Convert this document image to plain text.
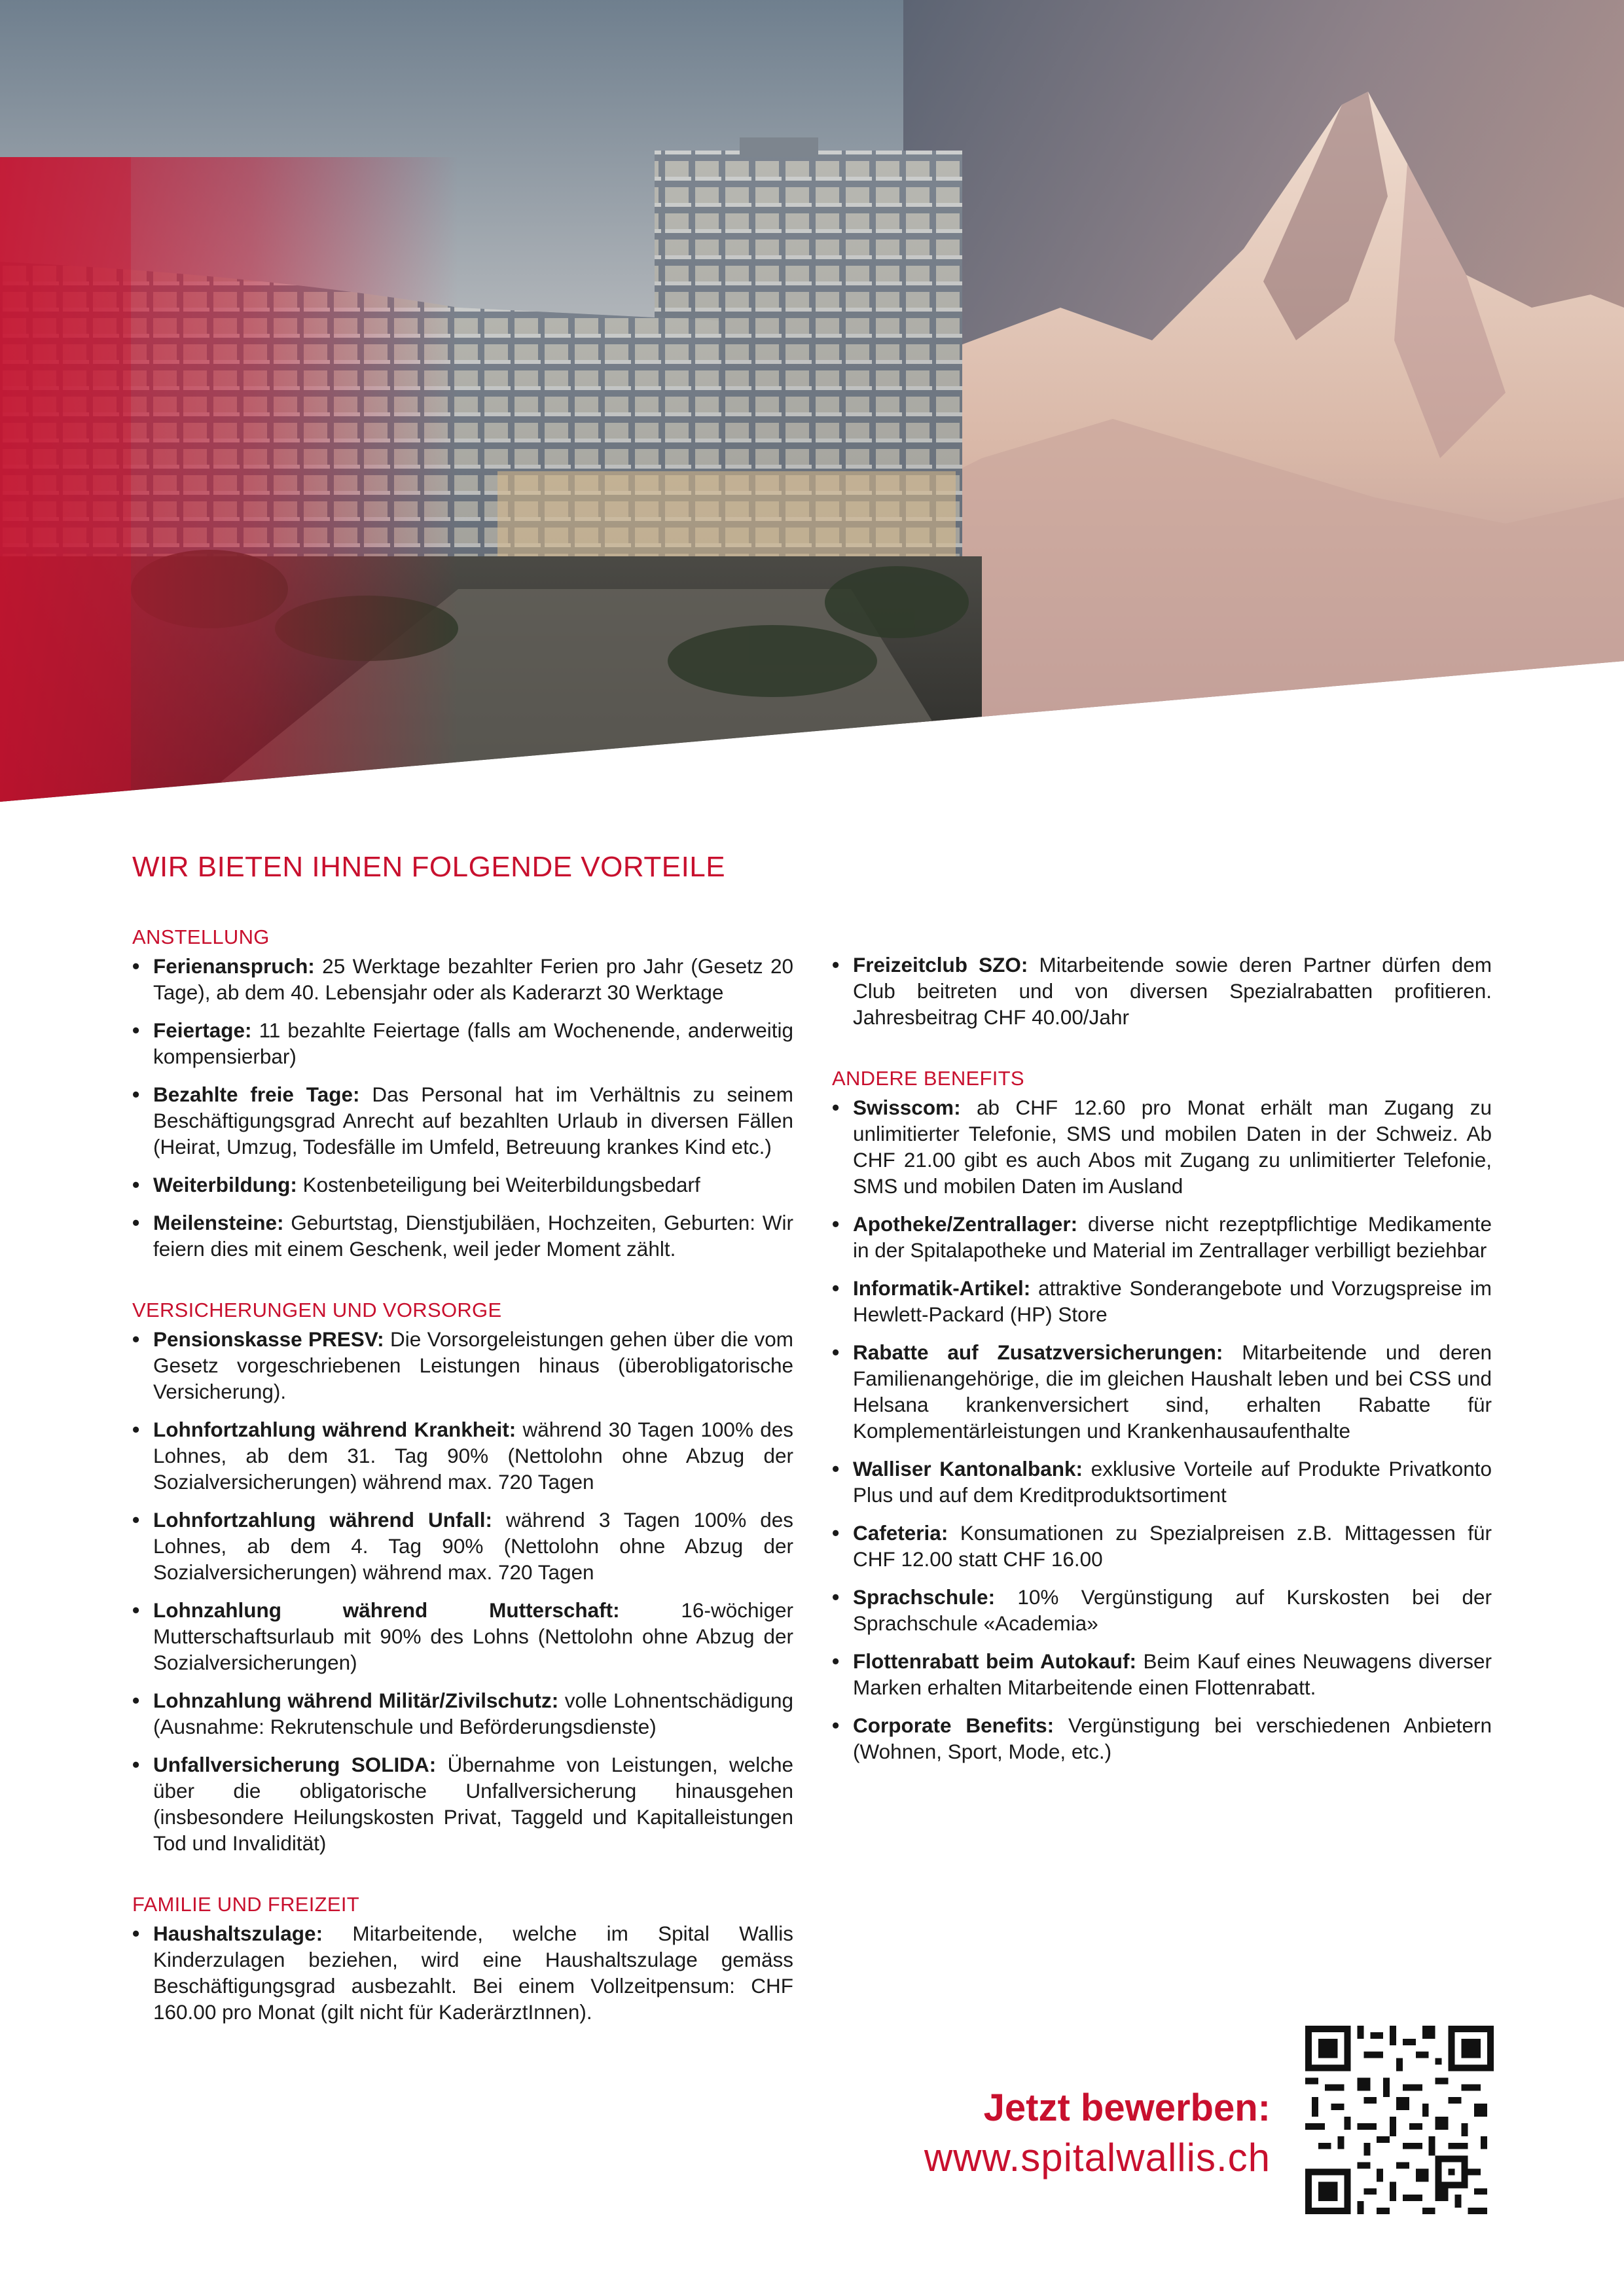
WIR BIETEN IHNEN FOLGENDE VORTEILE
ANSTELLUNG
• Ferienanspruch: 25 Werktage bezahlter Ferien pro Jahr (Gesetz 20 Tage), ab dem 40. Lebensjahr oder als Kaderarzt 30 Werktage
• Feiertage: 11 bezahlte Feiertage (falls am Wochenende, anderweitig kompensierbar)
• Bezahlte freie Tage: Das Personal hat im Verhältnis zu seinem Beschäftigungsgrad Anrecht auf bezahlten Urlaub in diversen Fällen (Heirat, Umzug, Todesfälle im Umfeld, Betreuung krankes Kind etc.)
• Weiterbildung: Kostenbeteiligung bei Weiterbildungsbedarf
• Meilensteine: Geburtstag, Dienstjubiläen, Hochzeiten, Geburten: Wir feiern dies mit einem Geschenk, weil jeder Moment zählt.
VERSICHERUNGEN UND VORSORGE
• Pensionskasse PRESV: Die Vorsorgeleistungen gehen über die vom Gesetz vorgeschriebenen Leistungen hinaus (überobligatorische Versicherung).
• Lohnfortzahlung während Krankheit: während 30 Tagen 100% des Lohnes, ab dem 31. Tag 90% (Nettolohn ohne Abzug der Sozialversicherungen) während max. 720 Tagen
• Lohnfortzahlung während Unfall: während 3 Tagen 100% des Lohnes, ab dem 4. Tag 90% (Nettolohn ohne Abzug der Sozialversicherungen) während max. 720 Tagen
• Lohnzahlung während Mutterschaft: 16-wöchiger Mutterschaftsurlaub mit 90% des Lohns (Nettolohn ohne Abzug der Sozialversicherungen)
• Lohnzahlung während Militär/Zivilschutz: volle Lohnentschädigung (Ausnahme: Rekrutenschule und Beförderungsdienste)
• Unfallversicherung SOLIDA: Übernahme von Leistungen, welche über die obligatorische Unfallversicherung hinausgehen (insbesondere Heilungskosten Privat, Taggeld und Kapitalleistungen Tod und Invalidität)
FAMILIE UND FREIZEIT
• Haushaltszulage: Mitarbeitende, welche im Spital Wallis Kinderzulagen beziehen, wird eine Haushaltszulage gemäss Beschäftigungsgrad ausbezahlt. Bei einem Vollzeitpensum: CHF 160.00 pro Monat (gilt nicht für KaderärztInnen).
• Freizeitclub SZO: Mitarbeitende sowie deren Partner dürfen dem Club beitreten und von diversen Spezialrabatten profitieren. Jahresbeitrag CHF 40.00/Jahr
ANDERE BENEFITS
• Swisscom: ab CHF 12.60 pro Monat erhält man Zugang zu unlimitierter Telefonie, SMS und mobilen Daten in der Schweiz. Ab CHF 21.00 gibt es auch Abos mit Zugang zu unlimitierter Telefonie, SMS und mobilen Daten im Ausland
• Apotheke/Zentrallager: diverse nicht rezeptpflichtige Medikamente in der Spitalapotheke und Material im Zentrallager verbilligt beziehbar
• Informatik-Artikel: attraktive Sonderangebote und Vorzugspreise im Hewlett-Packard (HP) Store
• Rabatte auf Zusatzversicherungen: Mitarbeitende und deren Familienangehörige, die im gleichen Haushalt leben und bei CSS und Helsana krankenversichert sind, erhalten Rabatte für Komplementärleistungen und Krankenhausaufenthalte
• Walliser Kantonalbank: exklusive Vorteile auf Produkte Privatkonto Plus und auf dem Kreditproduktsortiment
• Cafeteria: Konsumationen zu Spezialpreisen z.B. Mittagessen für CHF 12.00 statt CHF 16.00
• Sprachschule: 10% Vergünstigung auf Kurskosten bei der Sprachschule «Academia»
• Flottenrabatt beim Autokauf: Beim Kauf eines Neuwagens diverser Marken erhalten Mitarbeitende einen Flottenrabatt.
• Corporate Benefits: Vergünstigung bei verschiedenen Anbietern (Wohnen, Sport, Mode, etc.)
Jetzt bewerben:
www.spitalwallis.ch
